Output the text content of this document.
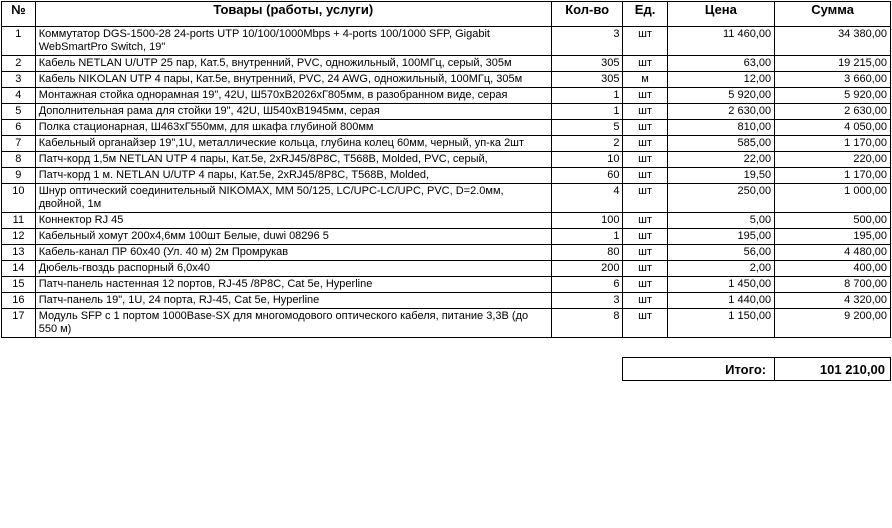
№	Товары (работы, услуги)	Кол-во	Ед.	Цена	Сумма
1	Коммутатор DGS-1500-28 24-ports UTP 10/100/1000Mbps + 4-ports 100/1000 SFP, Gigabit WebSmartPro Switch, 19"	3	шт	11 460,00	34 380,00
2	Кабель NETLAN U/UTP 25 пар, Кат.5, внутренний, PVC, одножильный, 100МГц, серый, 305м	305	шт	63,00	19 215,00
3	Кабель NIKOLAN UTP 4 пары, Кат.5е, внутренний, PVC, 24 AWG, одножильный, 100МГц, 305м	305	м	12,00	3 660,00
4	Монтажная стойка однорамная 19", 42U, Ш570хВ2026хГ805мм, в разобранном виде, серая	1	шт	5 920,00	5 920,00
5	Дополнительная рама для стойки 19", 42U, Ш540хВ1945мм, серая	1	шт	2 630,00	2 630,00
6	Полка стационарная, Ш463хГ550мм, для шкафа глубиной 800мм	5	шт	810,00	4 050,00
7	Кабельный органайзер 19",1U, металлические кольца, глубина колец 60мм, черный, уп-ка 2шт	2	шт	585,00	1 170,00
8	Патч-корд 1,5м NETLAN UTP 4 пары, Кат.5е, 2хRJ45/8Р8С, Т568В, Molded, PVC, серый,	10	шт	22,00	220,00
9	Патч-корд 1 м. NETLAN U/UTP 4 пары, Кат.5е, 2хRJ45/8Р8С, Т568В, Molded,	60	шт	19,50	1 170,00
10	Шнур оптический соединительный NIKOMAX, MM 50/125, LC/UPC-LC/UPC, PVC, D=2.0мм, двойной, 1м	4	шт	250,00	1 000,00
11	Коннектор RJ 45	100	шт	5,00	500,00
12	Кабельный хомут 200х4,6мм 100шт Белые, duwi 08296 5	1	шт	195,00	195,00
13	Кабель-канал ПР 60х40 (Ул. 40 м) 2м Промрукав	80	шт	56,00	4 480,00
14	Дюбель-гвоздь распорный 6,0х40	200	шт	2,00	400,00
15	Патч-панель настенная 12 портов, RJ-45 /8Р8С, Cat 5e, Hyperline	6	шт	1 450,00	8 700,00
16	Патч-панель 19", 1U, 24 порта, RJ-45, Cat 5e, Hyperline	3	шт	1 440,00	4 320,00
17	Модуль SFP с 1 портом 1000Base-SX для многомодового оптического кабеля, питание 3,3В (до 550 м)	8	шт	1 150,00	9 200,00

			Итого:		101 210,00
